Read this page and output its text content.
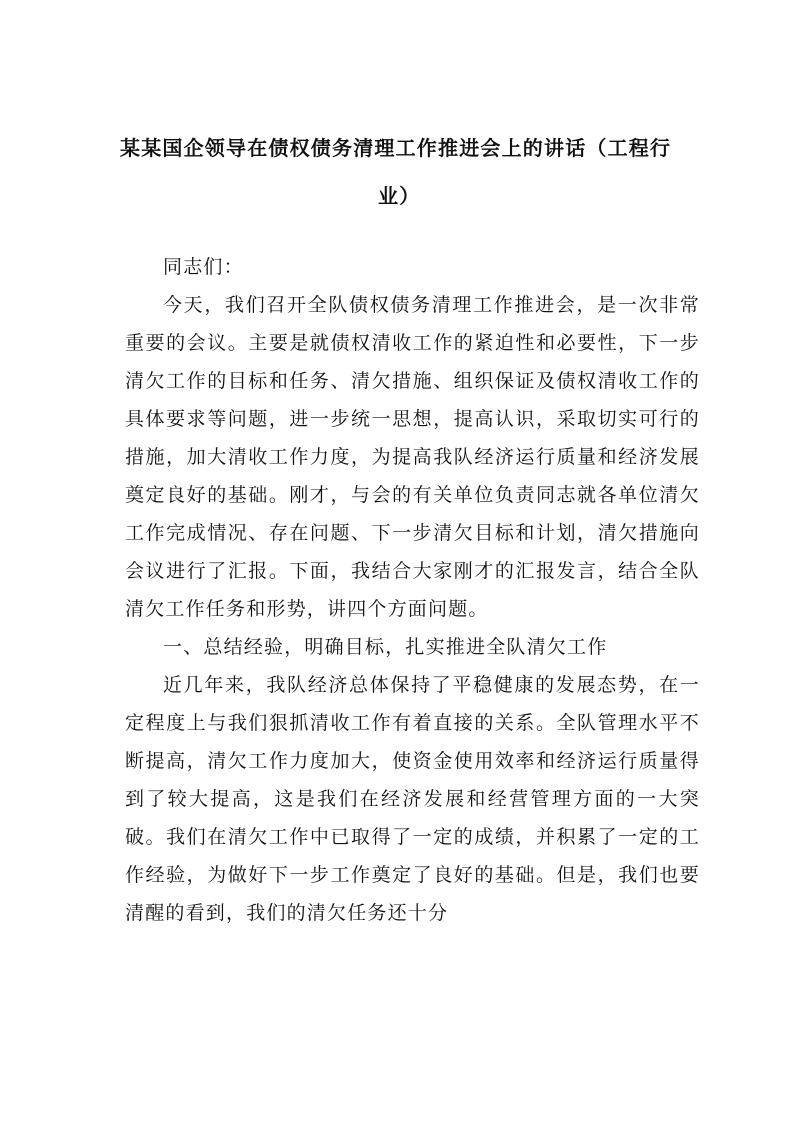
某某国企领导在债权债务清理工作推进会上的讲话（工程行
业）

同志们：

今天，我们召开全队债权债务清理工作推进会，是一次非常重要的会议。主要是就债权清收工作的紧迫性和必要性，下一步清欠工作的目标和任务、清欠措施、组织保证及债权清收工作的具体要求等问题，进一步统一思想，提高认识，采取切实可行的措施，加大清收工作力度，为提高我队经济运行质量和经济发展奠定良好的基础。刚才，与会的有关单位负责同志就各单位清欠工作完成情况、存在问题、下一步清欠目标和计划，清欠措施向会议进行了汇报。下面，我结合大家刚才的汇报发言，结合全队清欠工作任务和形势，讲四个方面问题。

一、总结经验，明确目标，扎实推进全队清欠工作

近几年来，我队经济总体保持了平稳健康的发展态势，在一定程度上与我们狠抓清收工作有着直接的关系。全队管理水平不断提高，清欠工作力度加大，使资金使用效率和经济运行质量得到了较大提高，这是我们在经济发展和经营管理方面的一大突破。我们在清欠工作中已取得了一定的成绩，并积累了一定的工作经验，为做好下一步工作奠定了良好的基础。但是，我们也要清醒的看到，我们的清欠任务还十分
